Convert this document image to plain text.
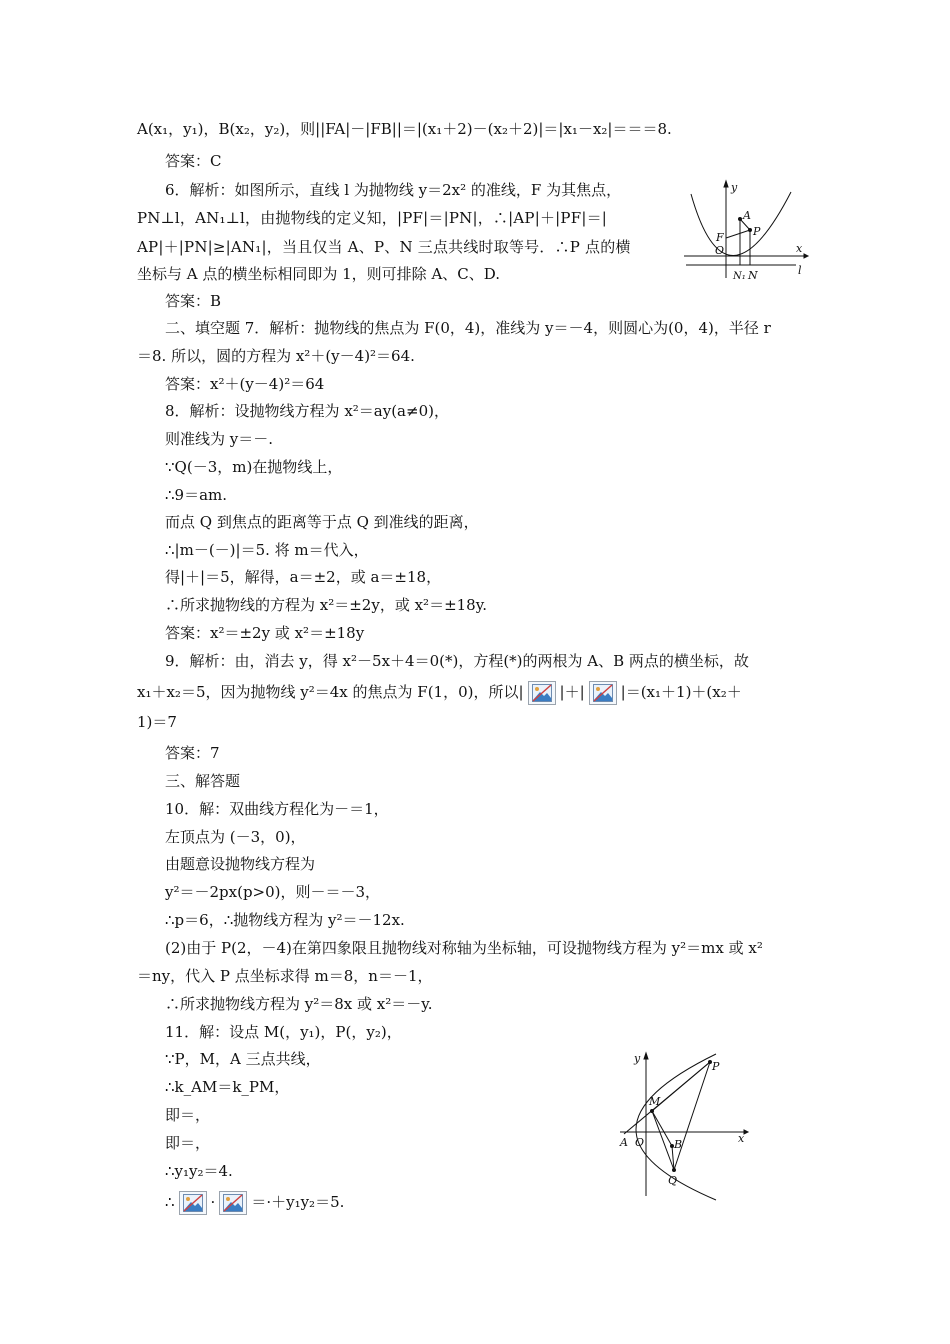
A(x₁，y₁)，B(x₂，y₂)，则||FA|－|FB||＝|(x₁＋2)－(x₂＋2)|＝|x₁－x₂|＝＝＝8.
答案：C
6．解析：如图所示，直线 l 为抛物线 y＝2x² 的准线，F 为其焦点，
PN⊥l，AN₁⊥l，由抛物线的定义知，|PF|＝|PN|，∴|AP|＋|PF|＝|
AP|＋|PN|≥|AN₁|，当且仅当 A、P、N 三点共线时取等号．∴P 点的横
坐标与 A 点的横坐标相同即为 1，则可排除 A、C、D.
答案：B
二、填空题 7．解析：抛物线的焦点为 F(0，4)，准线为 y＝－4，则圆心为(0，4)，半径 r
＝8. 所以，圆的方程为 x²＋(y－4)²＝64.
答案：x²＋(y－4)²＝64
8．解析：设抛物线方程为 x²＝ay(a≠0)，
则准线为 y＝－.
∵Q(－3，m)在抛物线上，
∴9＝am.
而点 Q 到焦点的距离等于点 Q 到准线的距离，
∴|m－(－)|＝5. 将 m＝代入，
得|＋|＝5，解得，a＝±2，或 a＝±18，
∴所求抛物线的方程为 x²＝±2y，或 x²＝±18y.
答案：x²＝±2y 或 x²＝±18y
9．解析：由，消去 y，得 x²－5x＋4＝0(*)，方程(*)的两根为 A、B 两点的横坐标，故
x₁＋x₂＝5，因为抛物线 y²＝4x 的焦点为 F(1，0)，所以| |＋| |＝(x₁＋1)＋(x₂＋
1)＝7
答案：7
三、解答题
10．解：双曲线方程化为－＝1，
左顶点为 (－3，0)，
由题意设抛物线方程为
y²＝－2px(p>0)，则－＝－3，
∴p＝6，∴抛物线方程为 y²＝－12x.
(2)由于 P(2，－4)在第四象限且抛物线对称轴为坐标轴，可设抛物线方程为 y²＝mx 或 x²
＝ny，代入 P 点坐标求得 m＝8，n＝－1，
∴所求抛物线方程为 y²＝8x 或 x²＝－y.
11．解：设点 M(，y₁)，P(，y₂)，
∵P，M，A 三点共线，
∴k_AM＝k_PM，
即＝，
即＝，
∴y₁y₂＝4.
∴ · ＝·＋y₁y₂＝5.
y
x
l
O
A
F	P
N₁ N
y
x
A O
M
P
B
Q
